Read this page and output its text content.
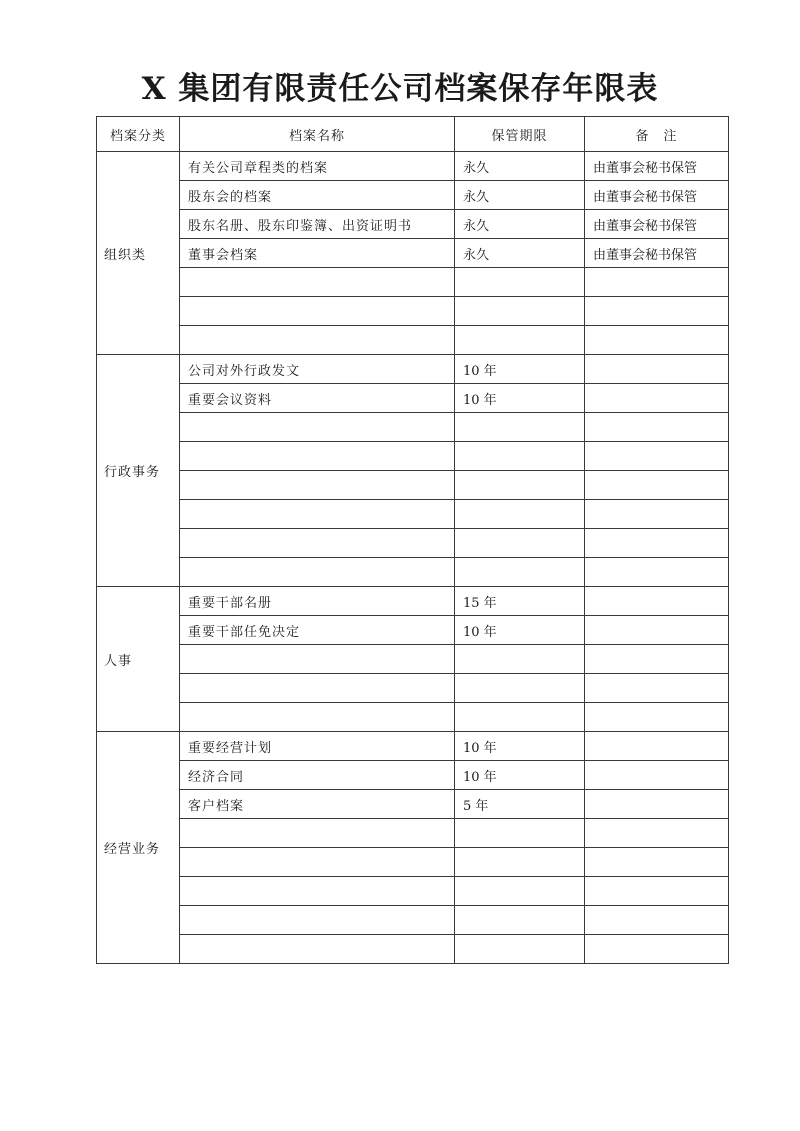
X 集团有限责任公司档案保存年限表
档案分类	档案名称	保管期限	备　注
组织类	有关公司章程类的档案	永久	由董事会秘书保管
	股东会的档案	永久	由董事会秘书保管
	股东名册、股东印鉴簿、出资证明书	永久	由董事会秘书保管
	董事会档案	永久	由董事会秘书保管

行政事务	公司对外行政发文	10 年	
	重要会议资料	10 年	

人事	重要干部名册	15 年	
	重要干部任免决定	10 年	

经营业务	重要经营计划	10 年	
	经济合同	10 年	
	客户档案	5 年	
